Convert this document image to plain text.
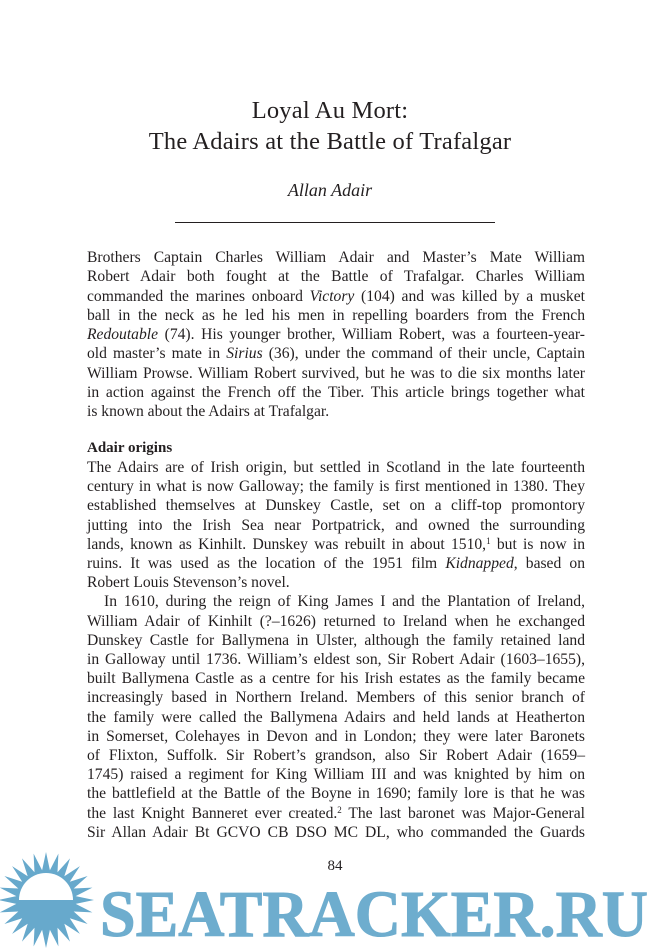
Loyal Au Mort:
The Adairs at the Battle of Trafalgar
Allan Adair
Brothers Captain Charles William Adair and Master’s Mate William
Robert Adair both fought at the Battle of Trafalgar. Charles William
commanded the marines onboard Victory (104) and was killed by a musket
ball in the neck as he led his men in repelling boarders from the French
Redoutable (74). His younger brother, William Robert, was a fourteen-year-
old master’s mate in Sirius (36), under the command of their uncle, Captain
William Prowse. William Robert survived, but he was to die six months later
in action against the French off the Tiber. This article brings together what
is known about the Adairs at Trafalgar.
Adair origins
The Adairs are of Irish origin, but settled in Scotland in the late fourteenth
century in what is now Galloway; the family is first mentioned in 1380. They
established themselves at Dunskey Castle, set on a cliff-top promontory
jutting into the Irish Sea near Portpatrick, and owned the surrounding
lands, known as Kinhilt. Dunskey was rebuilt in about 1510,$^1$ but is now in
ruins. It was used as the location of the 1951 film Kidnapped, based on
Robert Louis Stevenson’s novel.
In 1610, during the reign of King James I and the Plantation of Ireland,
William Adair of Kinhilt (?–1626) returned to Ireland when he exchanged
Dunskey Castle for Ballymena in Ulster, although the family retained land
in Galloway until 1736. William’s eldest son, Sir Robert Adair (1603–1655),
built Ballymena Castle as a centre for his Irish estates as the family became
increasingly based in Northern Ireland. Members of this senior branch of
the family were called the Ballymena Adairs and held lands at Heatherton
in Somerset, Colehayes in Devon and in London; they were later Baronets
of Flixton, Suffolk. Sir Robert’s grandson, also Sir Robert Adair (1659–
1745) raised a regiment for King William III and was knighted by him on
the battlefield at the Battle of the Boyne in 1690; family lore is that he was
the last Knight Banneret ever created.$^2$ The last baronet was Major-General
Sir Allan Adair Bt GCVO CB DSO MC DL, who commanded the Guards
84
SEATRACKER.RU
